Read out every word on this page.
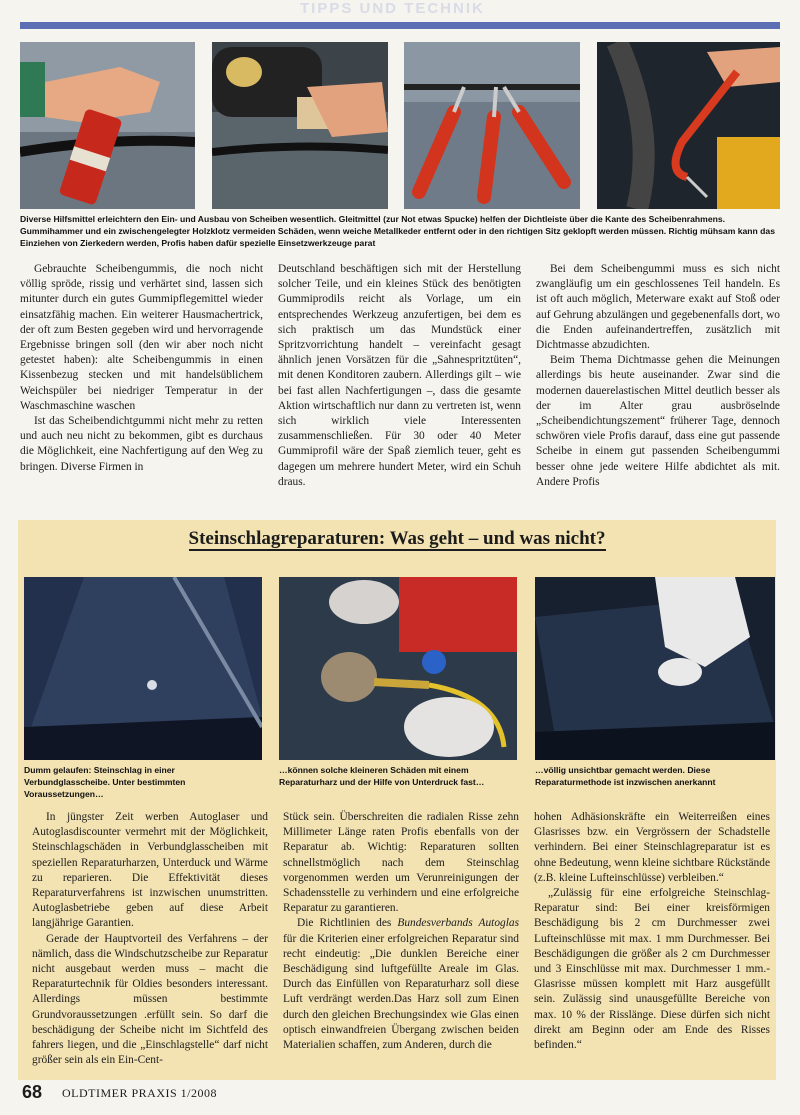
TIPPS UND TECHNIK
Diverse Hilfsmittel erleichtern den Ein- und Ausbau von Scheiben wesentlich. Gleitmittel (zur Not etwas Spucke) helfen der Dichtleiste über die Kante des Scheibenrahmens. Gummihammer und ein zwischengelegter Holzklotz vermeiden Schäden, wenn weiche Metallkeder entfernt oder in den richtigen Sitz geklopft werden müssen. Richtig mühsam kann das Einziehen von Zierkedern werden, Profis haben dafür spezielle Einsetzwerkzeuge parat

Gebrauchte Scheibengummis, die noch nicht völlig spröde, rissig und verhärtet sind, lassen sich mitunter durch ein gutes Gummipflegemittel wieder einsatzfähig machen. Ein weiterer Hausmachertrick, der oft zum Besten gegeben wird und hervorragende Ergebnisse bringen soll (den wir aber noch nicht getestet haben): alte Scheibengummis in einen Kissenbezug stecken und mit handelsüblichem Weichspüler bei niedriger Temperatur in der Waschmaschine waschen

Ist das Scheibendichtgummi nicht mehr zu retten und auch neu nicht zu bekommen, gibt es durchaus die Möglichkeit, eine Nachfertigung auf den Weg zu bringen. Diverse Firmen in

Deutschland beschäftigen sich mit der Herstellung solcher Teile, und ein kleines Stück des benötigten Gummiprodils reicht als Vorlage, um ein entsprechendes Werkzeug anzufertigen, bei dem es sich praktisch um das Mundstück einer Spritzvorrichtung handelt – vereinfacht gesagt ähnlich jenen Vorsätzen für die „Sahnespritztüten“, mit denen Konditoren zaubern. Allerdings gilt – wie bei fast allen Nachfertigungen –, dass die gesamte Aktion wirtschaftlich nur dann zu vertreten ist, wenn sich wirklich viele Interessenten zusammenschließen. Für 30 oder 40 Meter Gummiprofil wäre der Spaß ziemlich teuer, geht es dagegen um mehrere hundert Meter, wird ein Schuh draus.

Bei dem Scheibengummi muss es sich nicht zwangläufig um ein geschlossenes Teil handeln. Es ist oft auch möglich, Meterware exakt auf Stoß oder auf Gehrung abzulängen und gegebenenfalls dort, wo die Enden aufeinandertreffen, zusätzlich mit Dichtmasse abzudichten.

Beim Thema Dichtmasse gehen die Meinungen allerdings bis heute auseinander. Zwar sind die modernen dauerelastischen Mittel deutlich besser als der im Alter grau ausbröselnde „Scheibendichtungszement“ früherer Tage, dennoch schwören viele Profis darauf, dass eine gut passende Scheibe in einem gut passenden Scheibengummi besser ohne jede weitere Hilfe abdichtet als mit. Andere Profis

Steinschlagreparaturen: Was geht – und was nicht?
Dumm gelaufen: Steinschlag in einer Verbundglasscheibe. Unter bestimmten Voraussetzungen…
…können solche kleineren Schäden mit einem Reparaturharz und der Hilfe von Unterdruck fast…
…völlig unsichtbar gemacht werden. Diese Reparaturmethode ist inzwischen anerkannt

In jüngster Zeit werben Autoglaser und Autoglasdiscounter vermehrt mit der Möglichkeit, Steinschlagschäden in Verbundglasscheiben mit speziellen Reparaturharzen, Unterduck und Wärme zu reparieren. Die Effektivität dieses Reparaturverfahrens ist inzwischen unumstritten. Autoglasbetriebe geben auf diese Arbeit langjährige Garantien.

Gerade der Hauptvorteil des Verfahrens – der nämlich, dass die Windschutzscheibe zur Reparatur nicht ausgebaut werden muss – macht die Reparaturtechnik für Oldies besonders interessant. Allerdings müssen bestimmte Grundvoraussetzungen .erfüllt sein. So darf die beschädigung der Scheibe nicht im Sichtfeld des fahrers liegen, und die „Einschlagstelle“ darf nicht größer sein als ein Ein-Cent-

Stück sein. Überschreiten die radialen Risse zehn Millimeter Länge raten Profis ebenfalls von der Reparatur ab. Wichtig: Reparaturen sollten schnellstmöglich nach dem Steinschlag vorgenommen werden um Verunreinigungen der Schadensstelle zu verhindern und eine erfolgreiche Reparatur zu garantieren.

Die Richtlinien des Bundesverbands Autoglas für die Kriterien einer erfolgreichen Reparatur sind recht eindeutig: „Die dunklen Bereiche einer Beschädigung sind luftgefüllte Areale im Glas. Durch das Einfüllen von Reparaturharz soll diese Luft verdrängt werden.Das Harz soll zum Einen durch den gleichen Brechungsindex wie Glas einen optisch einwandfreien Übergang zwischen beiden Materialien schaffen, zum Anderen, durch die

hohen Adhäsionskräfte ein Weiterreißen eines Glasrisses bzw. ein Vergrössern der Schadstelle verhindern. Bei einer Steinschlagreparatur ist es ohne Bedeutung, wenn kleine sichtbare Rückstände (z.B. kleine Lufteinschlüsse) verbleiben.“

„Zulässig für eine erfolgreiche Steinschlag-Reparatur sind: Bei einer kreisförmigen Beschädigung bis 2 cm Durchmesser zwei Lufteinschlüsse mit max. 1 mm Durchmesser. Bei Beschädigungen die größer als 2 cm Durchmesser und 3 Einschlüsse mit max. Durchmesser 1 mm.- Glasrisse müssen komplett mit Harz ausgefüllt sein. Zulässig sind unausgefüllte Bereiche von max. 10 % der Risslänge. Diese dürfen sich nicht direkt am Beginn oder am Ende des Risses befinden.“

68 OLDTIMER PRAXIS 1/2008
